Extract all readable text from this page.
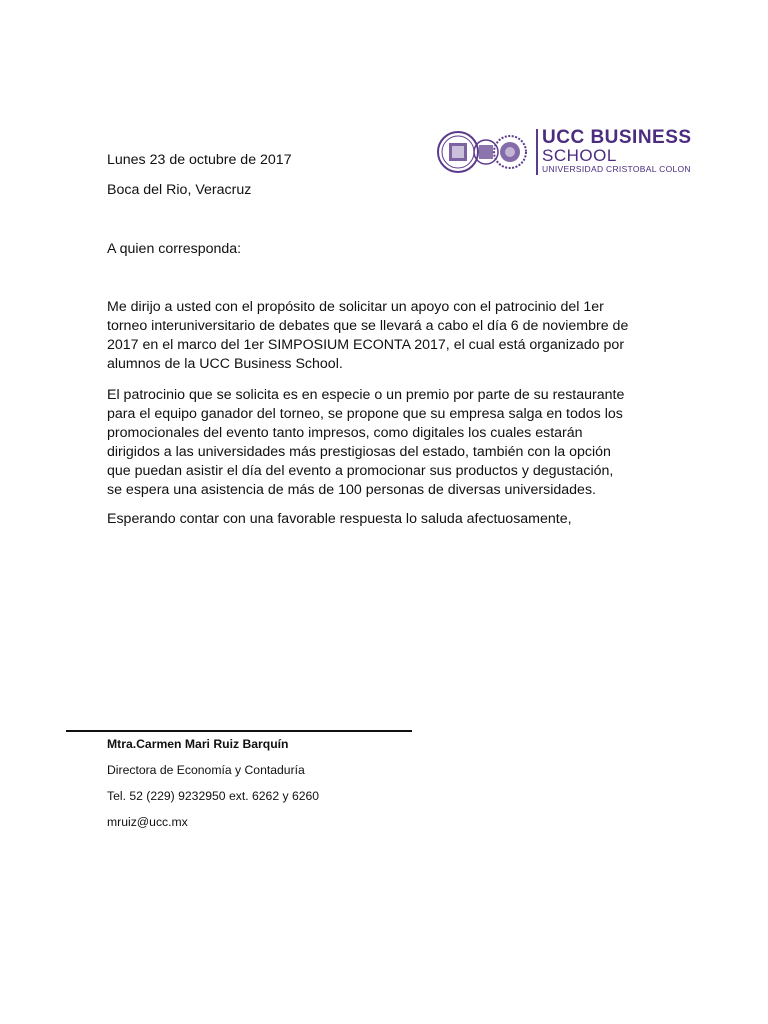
UCC BUSINESS
SCHOOL
UNIVERSIDAD CRISTOBAL COLON
Lunes 23 de octubre de 2017
Boca del Rio, Veracruz
A quien corresponda:
Me dirijo a usted con el propósito de solicitar un apoyo con el patrocinio del 1er
torneo interuniversitario de debates que se llevará a cabo el día 6 de noviembre de
2017 en el marco del 1er SIMPOSIUM ECONTA 2017, el cual está organizado por
alumnos de la UCC Business School.
El patrocinio que se solicita es en especie o un premio por parte de su restaurante
para el equipo ganador del torneo, se propone que su empresa salga en todos los
promocionales del evento tanto impresos, como digitales los cuales estarán
dirigidos a las universidades más prestigiosas del estado, también con la opción
que puedan asistir el día del evento a promocionar sus productos y degustación,
se espera una asistencia de más de 100 personas de diversas universidades.
Esperando contar con una favorable respuesta lo saluda afectuosamente,
Mtra.Carmen Mari Ruiz Barquín
Directora de Economía y Contaduría
Tel. 52 (229) 9232950 ext. 6262 y 6260
mruiz@ucc.mx
